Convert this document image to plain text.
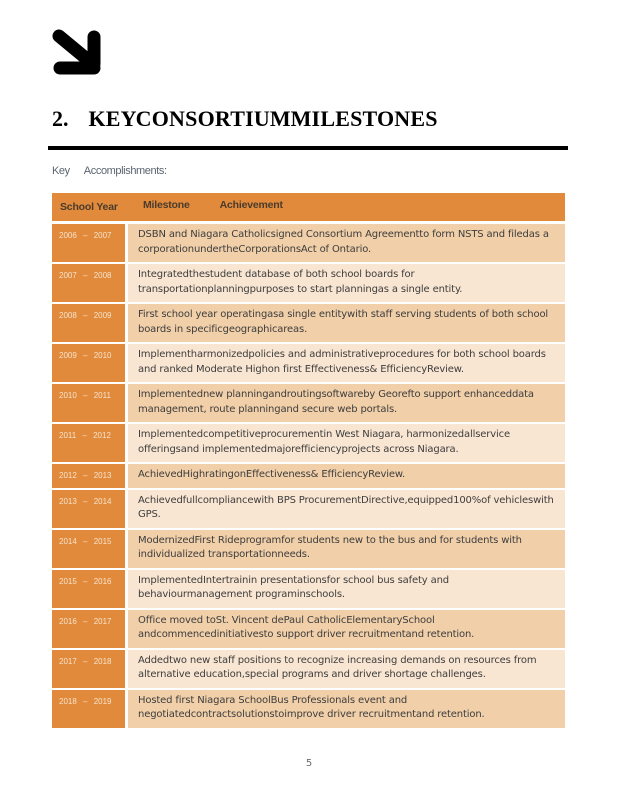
2. KEY CONSORTIUM MILESTONES
Key Accomplishments:
School Year	Milestone	Achievement
2006 – 2007	DSBN and Niagara Catholicsigned Consortium Agreementto form NSTS and filedas a corporationundertheCorporationsAct of Ontario.
2007 – 2008	Integratedthestudent database of both school boards for transportationplanningpurposes to start planningas a single entity.
2008 – 2009	First school year operatingasa single entitywith staff serving students of both school boards in specificgeographicareas.
2009 – 2010	Implementharmonizedpolicies and administrativeprocedures for both school boards and ranked Moderate Highon first Effectiveness& EfficiencyReview.
2010 – 2011	Implementednew planningandroutingsoftwareby Georefto support enhanceddata management, route planningand secure web portals.
2011 – 2012	Implementedcompetitiveprocurementin West Niagara, harmonizedallservice offeringsand implementedmajorefficiencyprojects across Niagara.
2012 – 2013	AchievedHighratingonEffectiveness& EfficiencyReview.
2013 – 2014	Achievedfullcompliancewith BPS ProcurementDirective,equipped100%of vehicleswith GPS.
2014 – 2015	ModernizedFirst Rideprogramfor students new to the bus and for students with individualized transportationneeds.
2015 – 2016	ImplementedIntertrainin presentationsfor school bus safety and behaviourmanagement programinschools.
2016 – 2017	Office moved toSt. Vincent dePaul CatholicElementarySchool andcommencedinitiativesto support driver recruitmentand retention.
2017 – 2018	Addedtwo new staff positions to recognize increasing demands on resources from alternative education,special programs and driver shortage challenges.
2018 – 2019	Hosted first Niagara SchoolBus Professionals event and negotiatedcontractsolutionstoimprove driver recruitmentand retention.
5
